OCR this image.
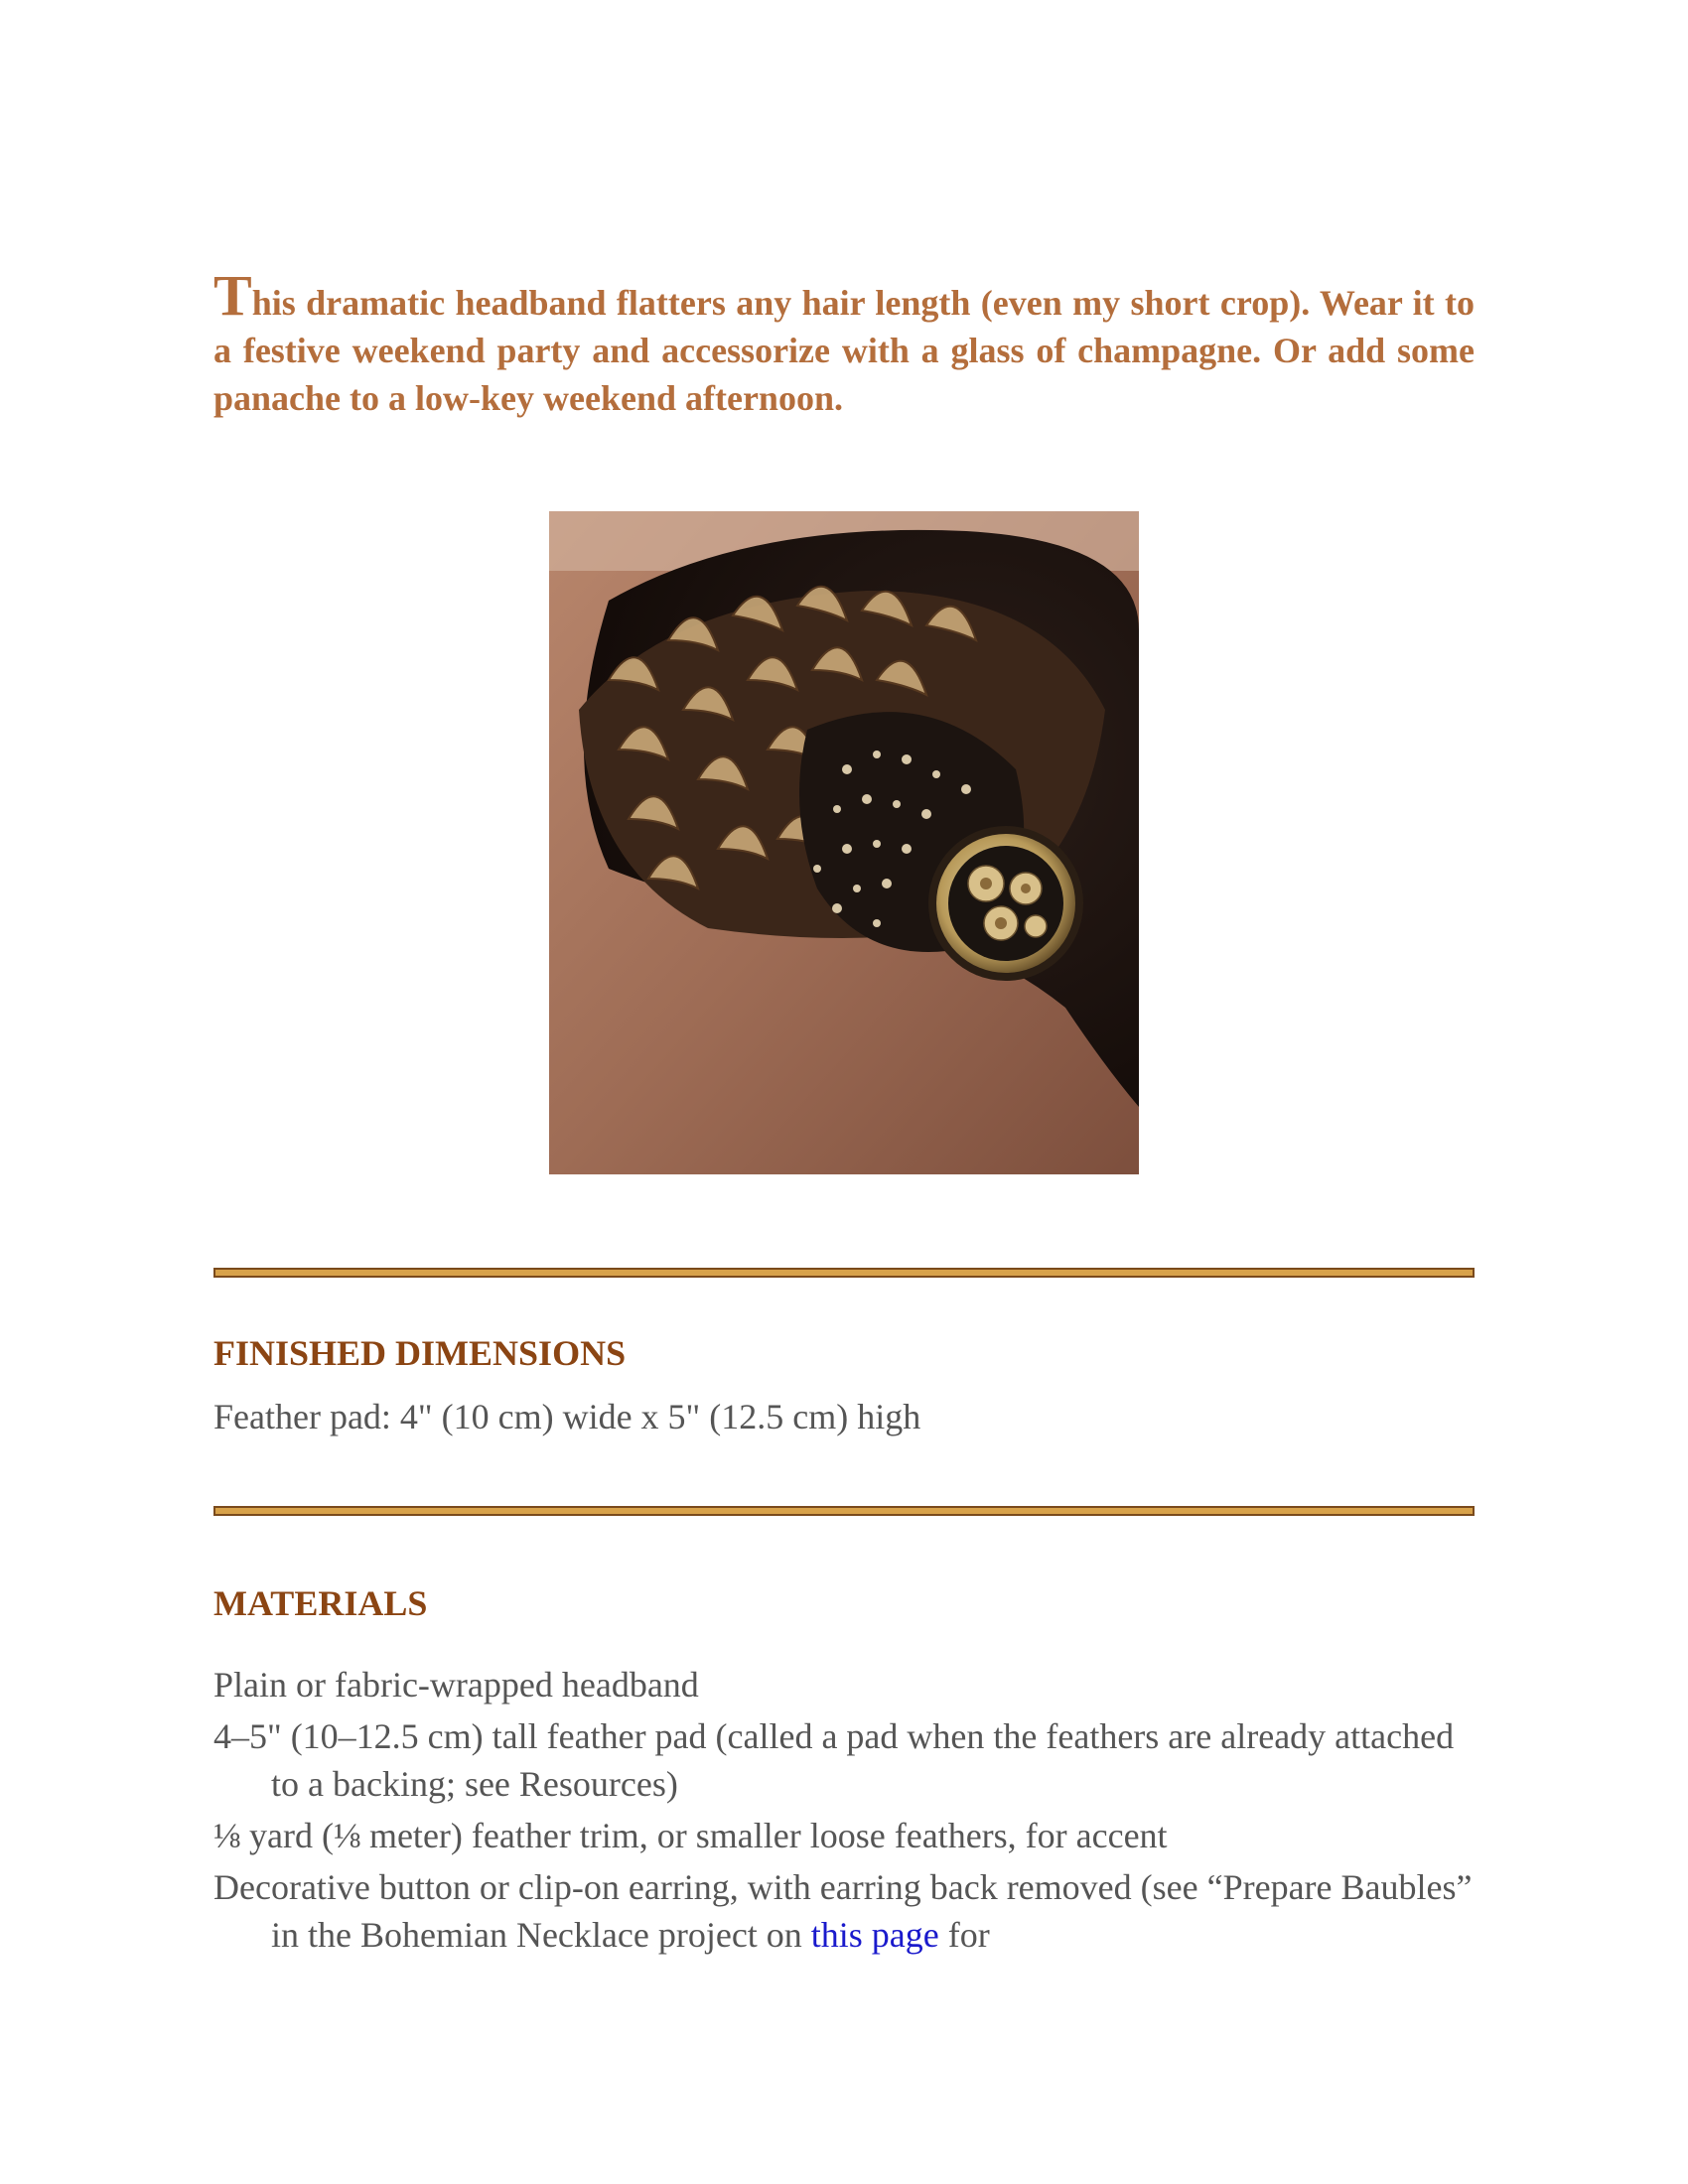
This dramatic headband flatters any hair length (even my short crop). Wear it to a festive weekend party and accessorize with a glass of champagne. Or add some panache to a low-key weekend afternoon.

FINISHED DIMENSIONS

Feather pad: 4" (10 cm) wide x 5" (12.5 cm) high

MATERIALS
Plain or fabric-wrapped headband
4–5" (10–12.5 cm) tall feather pad (called a pad when the feathers are already attached to a backing; see Resources)
⅛ yard (⅛ meter) feather trim, or smaller loose feathers, for accent
Decorative button or clip-on earring, with earring back removed (see “Prepare Baubles” in the Bohemian Necklace project on this page for
